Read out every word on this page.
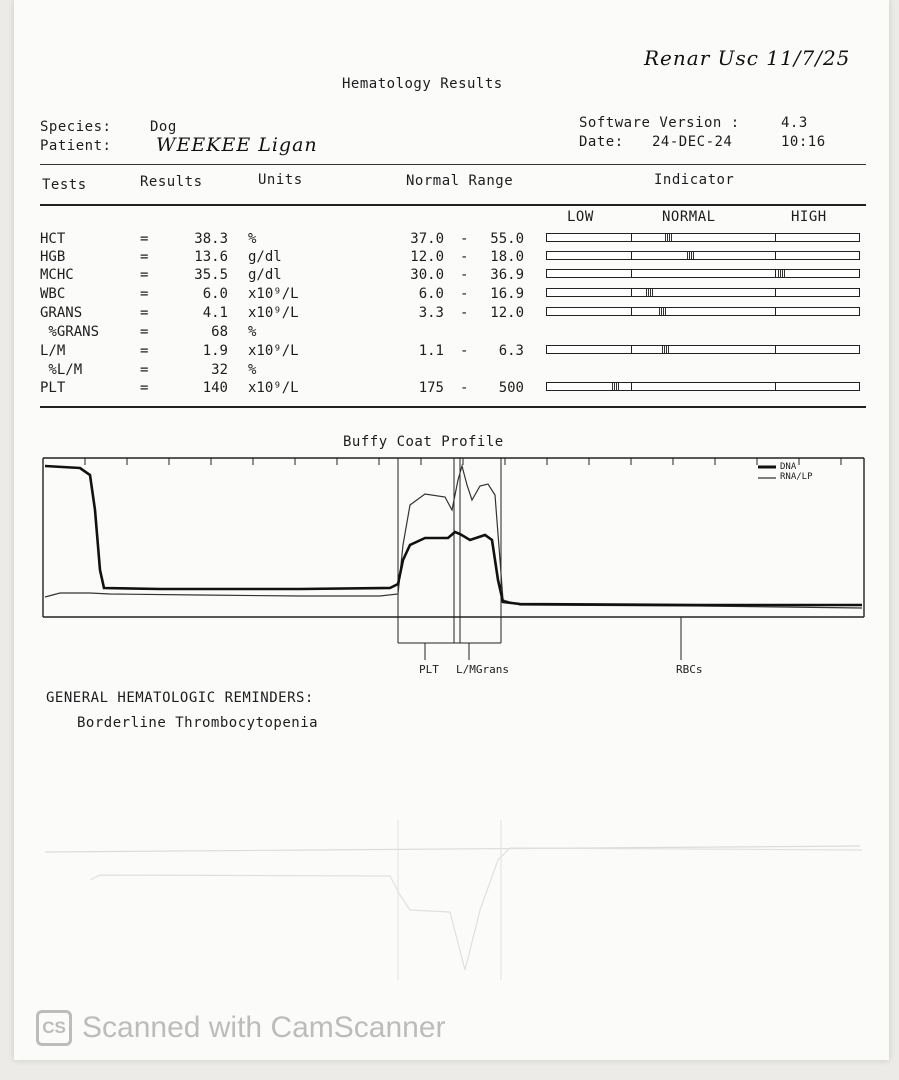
Renar Usc 11/7/25
Hematology Results
Species:	Dog
Patient: WEEKEE Ligan
Software Version :	4.3
Date: 24-DEC-24	10:16
Tests	Results	Units	Normal Range	Indicator
LOW	NORMAL	HIGH
HCT	=	38.3 %	37.0 -	55.0
HGB	=	13.6 g/dl	12.0 -	18.0
MCHC	=	35.5 g/dl	30.0 -	36.9
WBC	=	6.0 x10⁹/L	6.0 -	16.9
GRANS	=	4.1 x10⁹/L	3.3 -	12.0
%GRANS	=	68 %
L/M	=	1.9 x10⁹/L	1.1 -	6.3
%L/M	=	32 %
PLT	=	140 x10⁹/L	175 -	500
Buffy Coat Profile
DNA
RNA/LP
PLT L/MGrans	RBCs
GENERAL HEMATOLOGIC REMINDERS:
Borderline Thrombocytopenia
CS Scanned with CamScanner
